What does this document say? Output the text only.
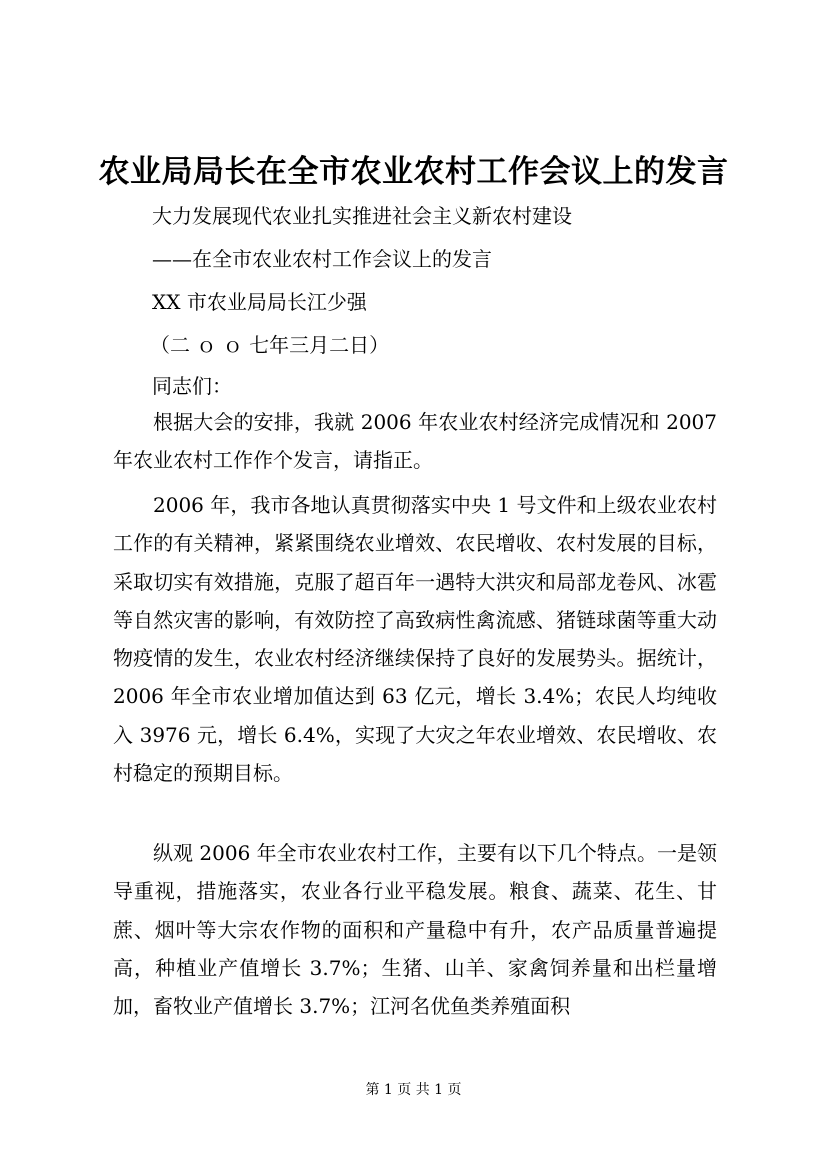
农业局局长在全市农业农村工作会议上的发言
大力发展现代农业扎实推进社会主义新农村建设
——在全市农业农村工作会议上的发言
XX 市农业局局长江少强
（二 ｏ ｏ 七年三月二日）
同志们：
根据大会的安排，我就 2006 年农业农村经济完成情况和 2007 年农业农村工作作个发言，请指正。
2006 年，我市各地认真贯彻落实中央 1 号文件和上级农业农村工作的有关精神，紧紧围绕农业增效、农民增收、农村发展的目标，采取切实有效措施，克服了超百年一遇特大洪灾和局部龙卷风、冰雹等自然灾害的影响，有效防控了高致病性禽流感、猪链球菌等重大动物疫情的发生，农业农村经济继续保持了良好的发展势头。据统计，2006 年全市农业增加值达到 63 亿元，增长 3.4%；农民人均纯收入 3976 元，增长 6.4%，实现了大灾之年农业增效、农民增收、农村稳定的预期目标。
纵观 2006 年全市农业农村工作，主要有以下几个特点。一是领导重视，措施落实，农业各行业平稳发展。粮食、蔬菜、花生、甘蔗、烟叶等大宗农作物的面积和产量稳中有升，农产品质量普遍提高，种植业产值增长 3.7%；生猪、山羊、家禽饲养量和出栏量增加，畜牧业产值增长 3.7%；江河名优鱼类养殖面积
第 1 页 共 1 页
